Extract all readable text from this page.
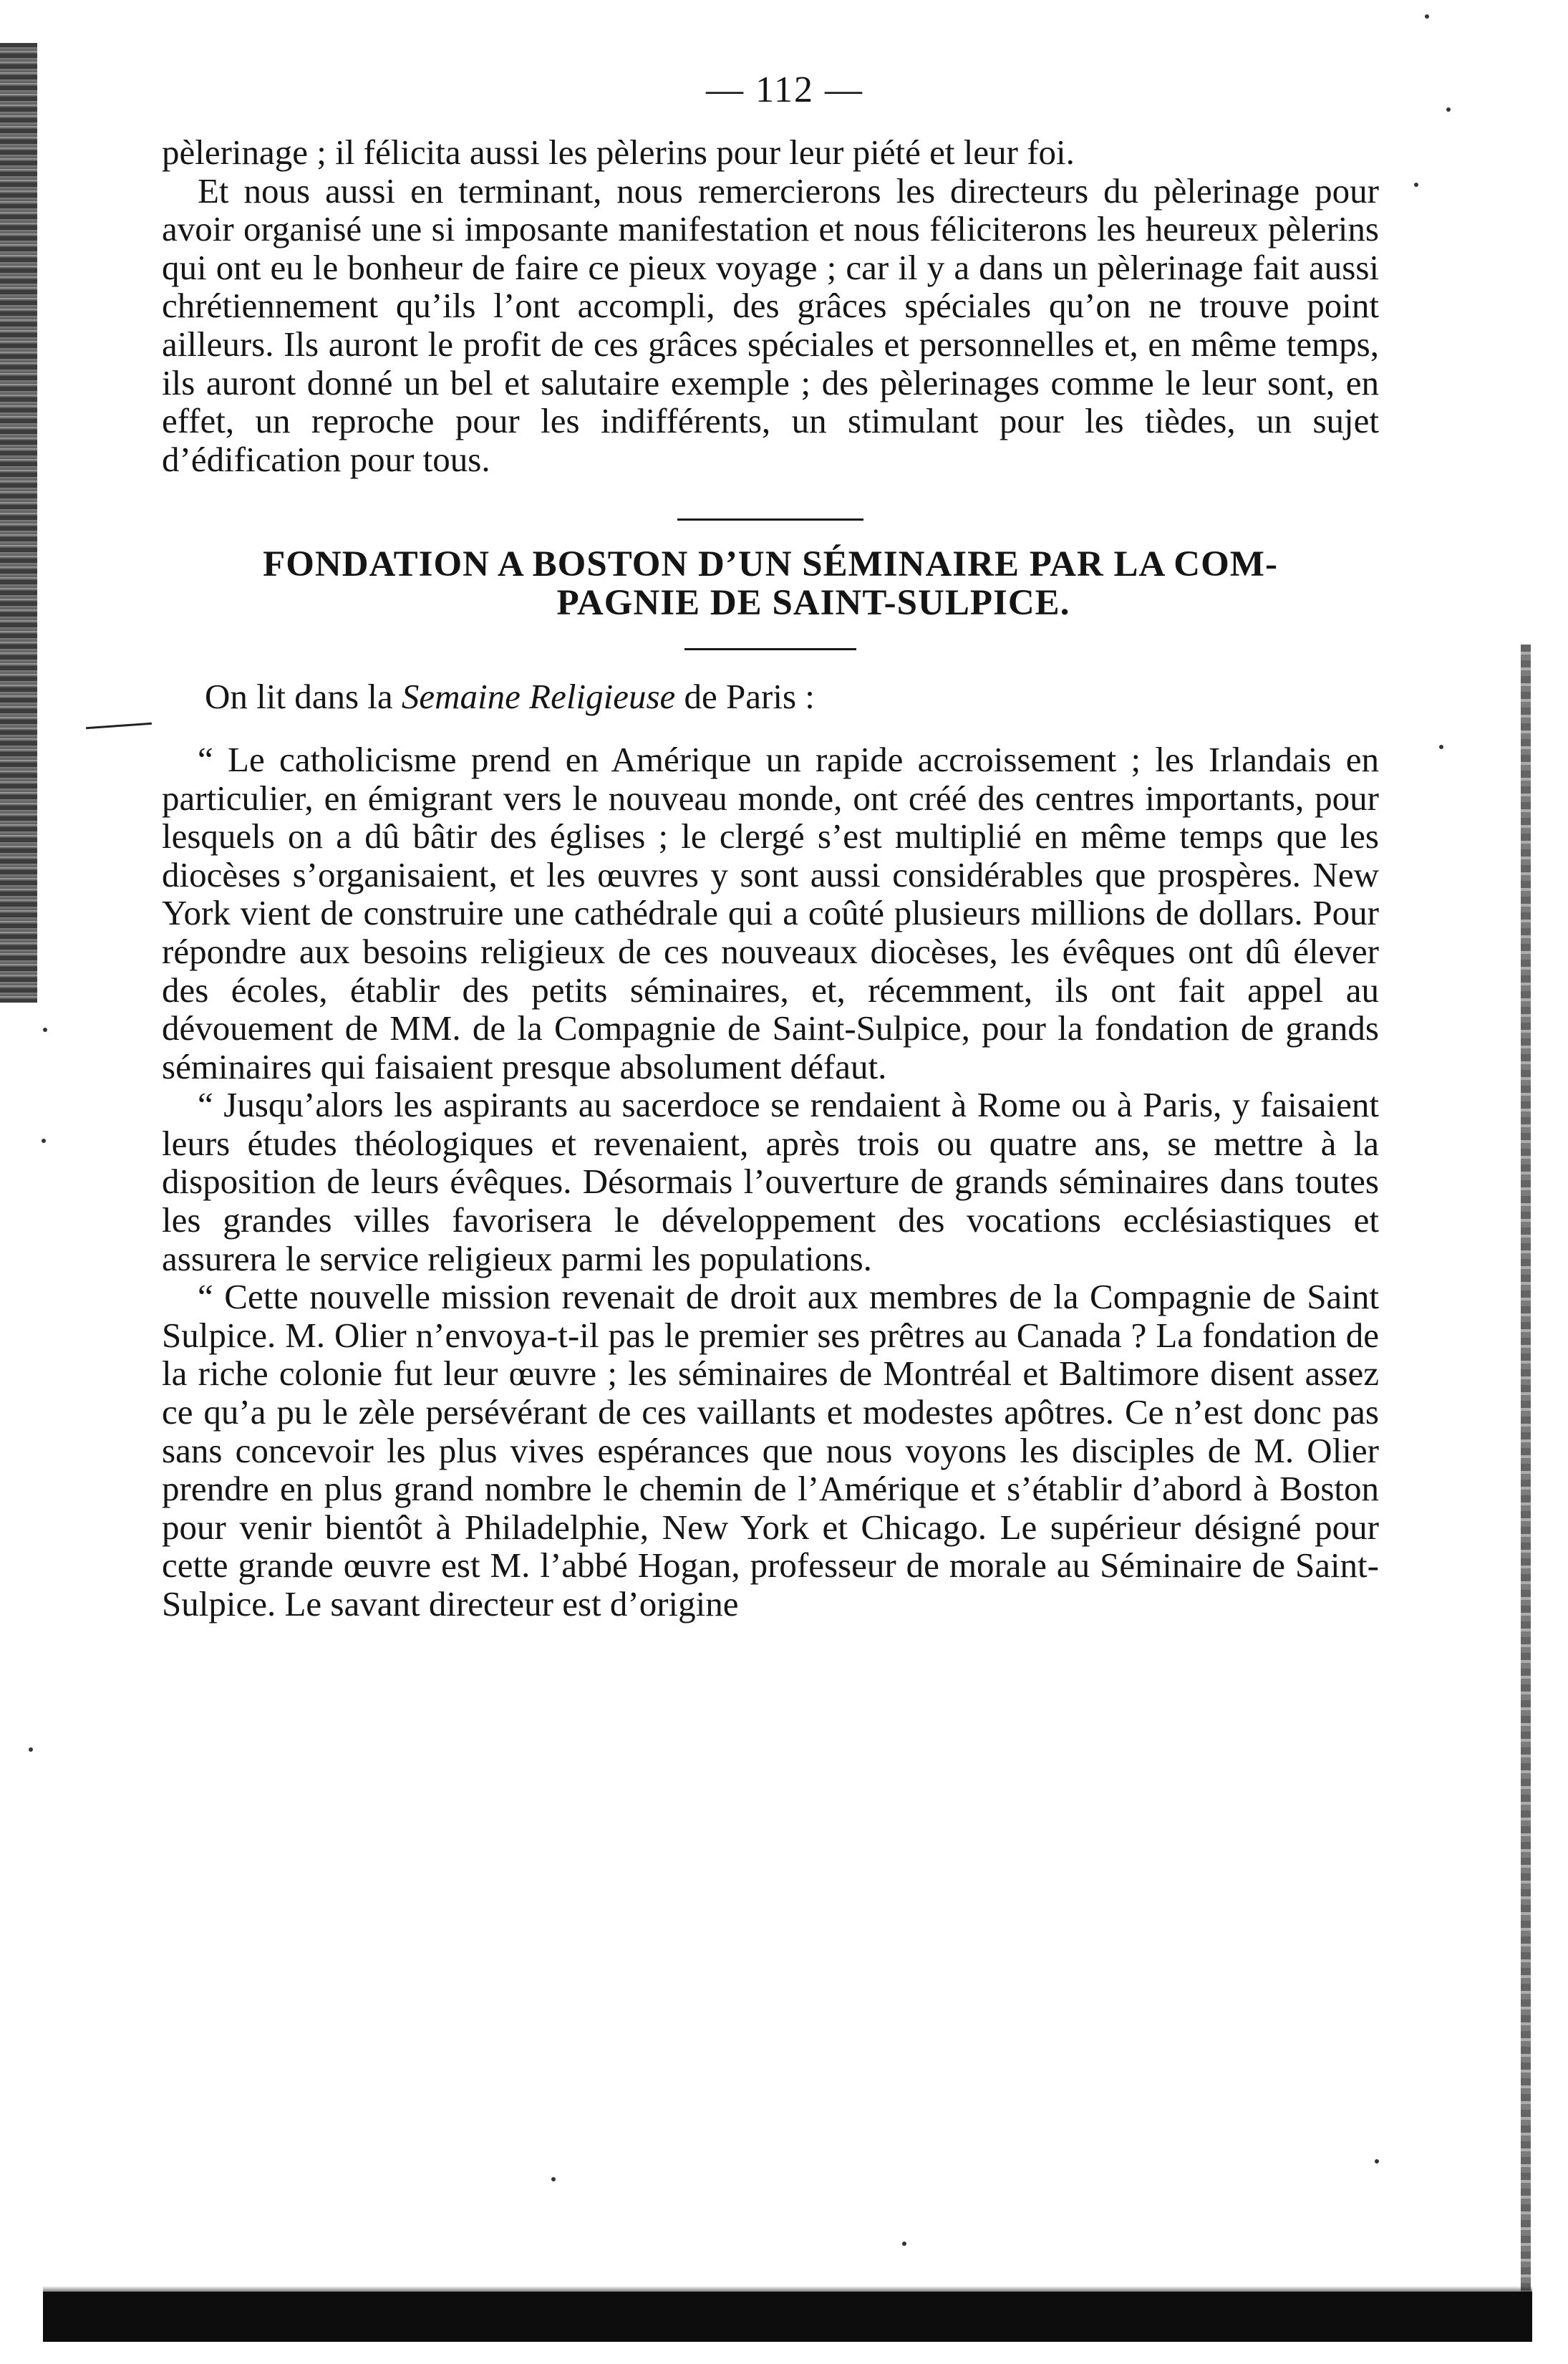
— 112 —

pèlerinage ; il félicita aussi les pèlerins pour leur piété et leur foi.

Et nous aussi en terminant, nous remercierons les directeurs du pèlerinage pour avoir organisé une si imposante manifestation et nous féliciterons les heureux pèlerins qui ont eu le bonheur de faire ce pieux voyage ; car il y a dans un pèlerinage fait aussi chrétiennement qu’ils l’ont accompli, des grâces spéciales qu’on ne trouve point ailleurs. Ils auront le profit de ces grâces spéciales et personnelles et, en même temps, ils auront donné un bel et salutaire exemple ; des pèlerinages comme le leur sont, en effet, un reproche pour les indifférents, un stimulant pour les tièdes, un sujet d’édification pour tous.

FONDATION A BOSTON D’UN SÉMINAIRE PAR LA COM-
PAGNIE DE SAINT-SULPICE.

On lit dans la Semaine Religieuse de Paris :

“ Le catholicisme prend en Amérique un rapide accroissement ; les Irlandais en particulier, en émigrant vers le nouveau monde, ont créé des centres importants, pour lesquels on a dû bâtir des églises ; le clergé s’est multiplié en même temps que les diocèses s’organisaient, et les œuvres y sont aussi considérables que prospères. New York vient de construire une cathédrale qui a coûté plusieurs millions de dollars. Pour répondre aux besoins religieux de ces nouveaux diocèses, les évêques ont dû élever des écoles, établir des petits séminaires, et, récemment, ils ont fait appel au dévouement de MM. de la Compagnie de Saint-Sulpice, pour la fondation de grands séminaires qui faisaient presque absolument défaut.

“ Jusqu’alors les aspirants au sacerdoce se rendaient à Rome ou à Paris, y faisaient leurs études théologiques et revenaient, après trois ou quatre ans, se mettre à la disposition de leurs évêques. Désormais l’ouverture de grands séminaires dans toutes les grandes villes favorisera le développement des vocations ecclésiastiques et assurera le service religieux parmi les populations.

“ Cette nouvelle mission revenait de droit aux membres de la Compagnie de Saint Sulpice. M. Olier n’envoya-t-il pas le premier ses prêtres au Canada ? La fondation de la riche colonie fut leur œuvre ; les séminaires de Montréal et Baltimore disent assez ce qu’a pu le zèle persévérant de ces vaillants et modestes apôtres. Ce n’est donc pas sans concevoir les plus vives espérances que nous voyons les disciples de M. Olier prendre en plus grand nombre le chemin de l’Amérique et s’établir d’abord à Boston pour venir bientôt à Philadelphie, New York et Chicago. Le supérieur désigné pour cette grande œuvre est M. l’abbé Hogan, professeur de morale au Séminaire de Saint-Sulpice. Le savant directeur est d’origine
